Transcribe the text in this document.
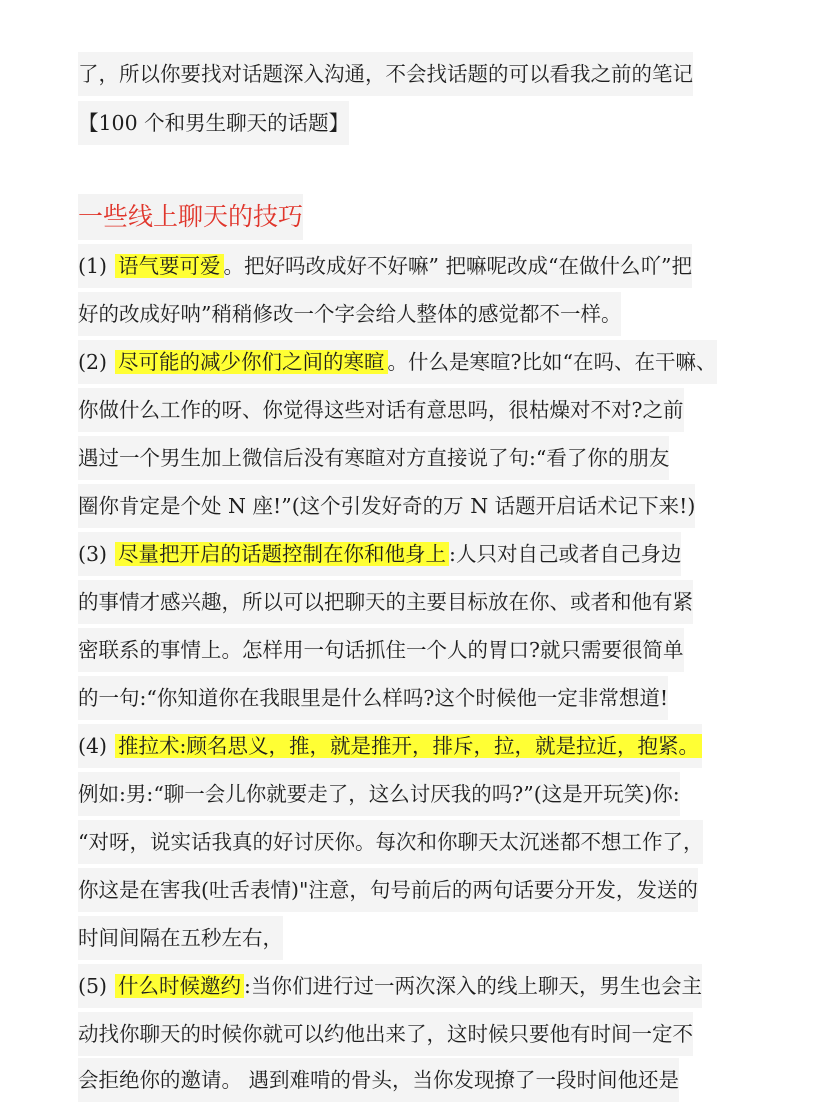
了，所以你要找对话题深入沟通，不会找话题的可以看我之前的笔记
【100 个和男生聊天的话题】
一些线上聊天的技巧
(1) 语气要可爱 。把好吗改成好不好嘛” 把嘛呢改成“在做什么吖”把
好的改成好呐”稍稍修改一个字会给人整体的感觉都不一样。
(2) 尽可能的减少你们之间的寒暄 。什么是寒暄?比如“在吗、在干嘛、
你做什么工作的呀、你觉得这些对话有意思吗，很枯燥对不对?之前
遇过一个男生加上微信后没有寒暄对方直接说了句:“看了你的朋友
圈你肯定是个处 N 座!”(这个引发好奇的万 N 话题开启话术记下来!)
(3) 尽量把开启的话题控制在你和他身上 :人只对自己或者自己身边
的事情才感兴趣，所以可以把聊天的主要目标放在你、或者和他有紧
密联系的事情上。怎样用一句话抓住一个人的胃口?就只需要很简单
的一句:“你知道你在我眼里是什么样吗?这个时候他一定非常想道!
(4) 推拉术:顾名思义，推，就是推开，排斥，拉，就是拉近，抱紧。
例如:男:“聊一会儿你就要走了，这么讨厌我的吗?”(这是开玩笑)你:
“对呀，说实话我真的好讨厌你。每次和你聊天太沉迷都不想工作了，
你这是在害我(吐舌表情)"注意，句号前后的两句话要分开发，发送的
时间间隔在五秒左右，
(5) 什么时候邀约 :当你们进行过一两次深入的线上聊天，男生也会主
动找你聊天的时候你就可以约他出来了，这时候只要他有时间一定不
会拒绝你的邀请。 遇到难啃的骨头，当你发现撩了一段时间他还是
